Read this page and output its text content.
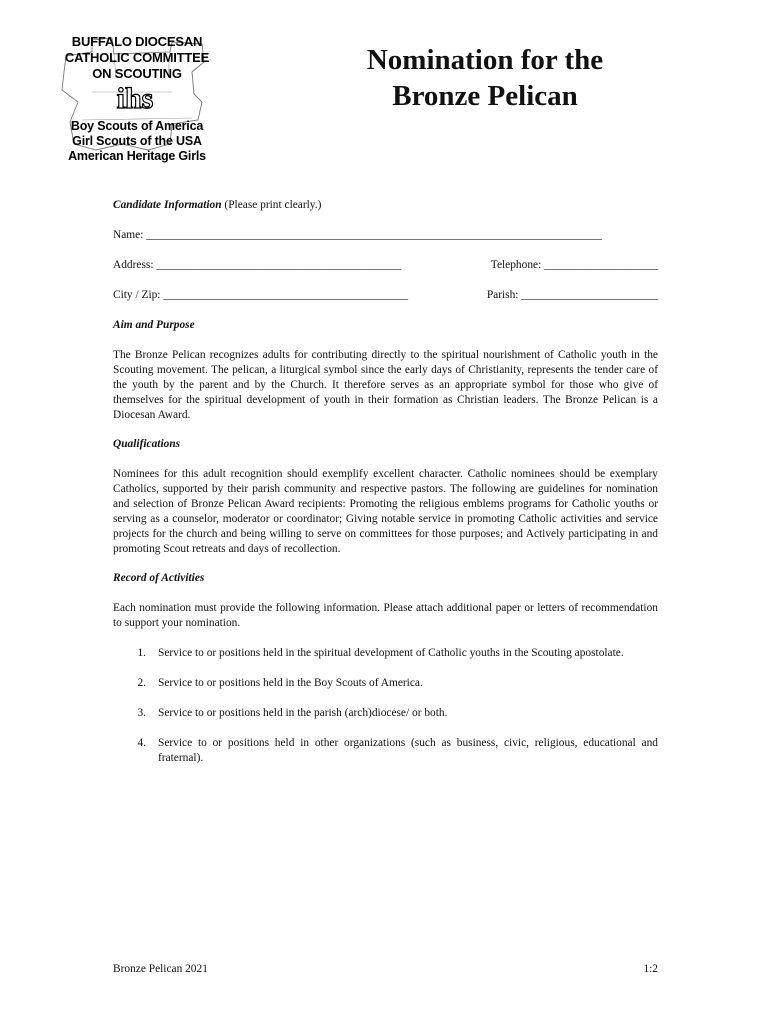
BUFFALO DIOCESAN
CATHOLIC COMMITTEE
ON SCOUTING
ihs
Boy Scouts of America
Girl Scouts of the USA
American Heritage Girls
Nomination for the
Bronze Pelican

Candidate Information (Please print clearly.)

Name: ________________________________________________________________________________

Address: ___________________________________________	Telephone: ____________________
City / Zip: ___________________________________________	Parish: ________________________

Aim and Purpose

The Bronze Pelican recognizes adults for contributing directly to the spiritual nourishment of Catholic youth in the Scouting movement. The pelican, a liturgical symbol since the early days of Christianity, represents the tender care of the youth by the parent and by the Church. It therefore serves as an appropriate symbol for those who give of themselves for the spiritual development of youth in their formation as Christian leaders. The Bronze Pelican is a Diocesan Award.

Qualifications

Nominees for this adult recognition should exemplify excellent character. Catholic nominees should be exemplary Catholics, supported by their parish community and respective pastors. The following are guidelines for nomination and selection of Bronze Pelican Award recipients: Promoting the religious emblems programs for Catholic youths or serving as a counselor, moderator or coordinator; Giving notable service in promoting Catholic activities and service projects for the church and being willing to serve on committees for those purposes; and Actively participating in and promoting Scout retreats and days of recollection.

Record of Activities

Each nomination must provide the following information. Please attach additional paper or letters of recommendation to support your nomination.

1.	Service to or positions held in the spiritual development of Catholic youths in the Scouting apostolate.
2.	Service to or positions held in the Boy Scouts of America.
3.	Service to or positions held in the parish (arch)diocese/ or both.
4.	Service to or positions held in other organizations (such as business, civic, religious, educational and fraternal).
Bronze Pelican 2021	1:2
